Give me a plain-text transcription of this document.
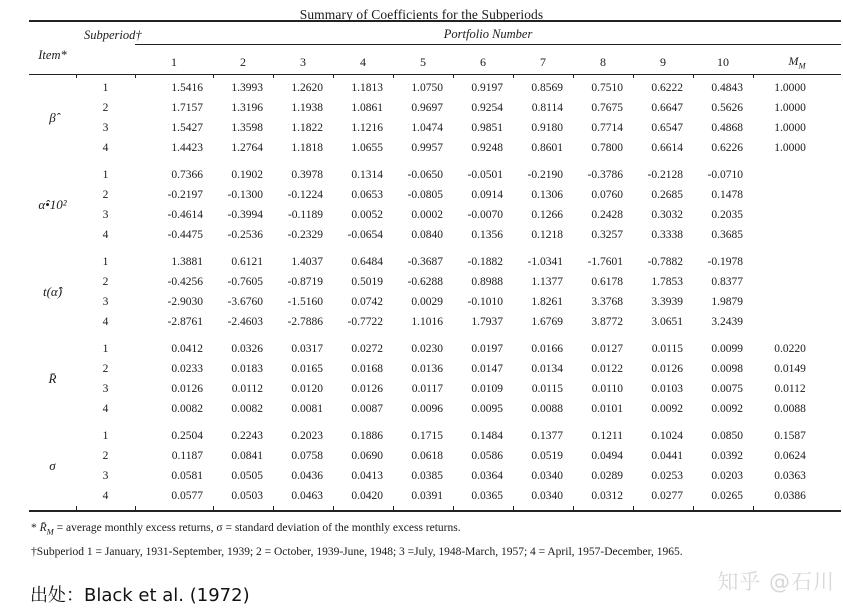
Summary of Coefficients for the Subperiods
Item*	Subperiod†	Portfolio Number										
		1	2	3	4	5	6	7	8	9	10	$M_M$

β̂	1	1.5416	1.3993	1.2620	1.1813	1.0750	0.9197	0.8569	0.7510	0.6222	0.4843	1.0000
	2	1.7157	1.3196	1.1938	1.0861	0.9697	0.9254	0.8114	0.7675	0.6647	0.5626	1.0000
	3	1.5427	1.3598	1.1822	1.1216	1.0474	0.9851	0.9180	0.7714	0.6547	0.4868	1.0000
	4	1.4423	1.2764	1.1818	1.0655	0.9957	0.9248	0.8601	0.7800	0.6614	0.6226	1.0000

α̂•10²	1	0.7366	0.1902	0.3978	0.1314	-0.0650	-0.0501	-0.2190	-0.3786	-0.2128	-0.0710	
	2	-0.2197	-0.1300	-0.1224	0.0653	-0.0805	0.0914	0.1306	0.0760	0.2685	0.1478	
	3	-0.4614	-0.3994	-0.1189	0.0052	0.0002	-0.0070	0.1266	0.2428	0.3032	0.2035	
	4	-0.4475	-0.2536	-0.2329	-0.0654	0.0840	0.1356	0.1218	0.3257	0.3338	0.3685	

t(α̂)	1	1.3881	0.6121	1.4037	0.6484	-0.3687	-0.1882	-1.0341	-1.7601	-0.7882	-0.1978	
	2	-0.4256	-0.7605	-0.8719	0.5019	-0.6288	0.8988	1.1377	0.6178	1.7853	0.8377	
	3	-2.9030	-3.6760	-1.5160	0.0742	0.0029	-0.1010	1.8261	3.3768	3.3939	1.9879	
	4	-2.8761	-2.4603	-2.7886	-0.7722	1.1016	1.7937	1.6769	3.8772	3.0651	3.2439	

R̄	1	0.0412	0.0326	0.0317	0.0272	0.0230	0.0197	0.0166	0.0127	0.0115	0.0099	0.0220
	2	0.0233	0.0183	0.0165	0.0168	0.0136	0.0147	0.0134	0.0122	0.0126	0.0098	0.0149
	3	0.0126	0.0112	0.0120	0.0126	0.0117	0.0109	0.0115	0.0110	0.0103	0.0075	0.0112
	4	0.0082	0.0082	0.0081	0.0087	0.0096	0.0095	0.0088	0.0101	0.0092	0.0092	0.0088

σ	1	0.2504	0.2243	0.2023	0.1886	0.1715	0.1484	0.1377	0.1211	0.1024	0.0850	0.1587
	2	0.1187	0.0841	0.0758	0.0690	0.0618	0.0586	0.0519	0.0494	0.0441	0.0392	0.0624
	3	0.0581	0.0505	0.0436	0.0413	0.0385	0.0364	0.0340	0.0289	0.0253	0.0203	0.0363
	4	0.0577	0.0503	0.0463	0.0420	0.0391	0.0365	0.0340	0.0312	0.0277	0.0265	0.0386

* $R̄_M$ = average monthly excess returns, σ = standard deviation of the monthly excess returns.
†Subperiod 1 = January, 1931-September, 1939; 2 = October, 1939-June, 1948; 3 =July, 1948-March, 1957; 4 = April, 1957-December, 1965.
出处：Black et al. (1972)
知乎 @石川
